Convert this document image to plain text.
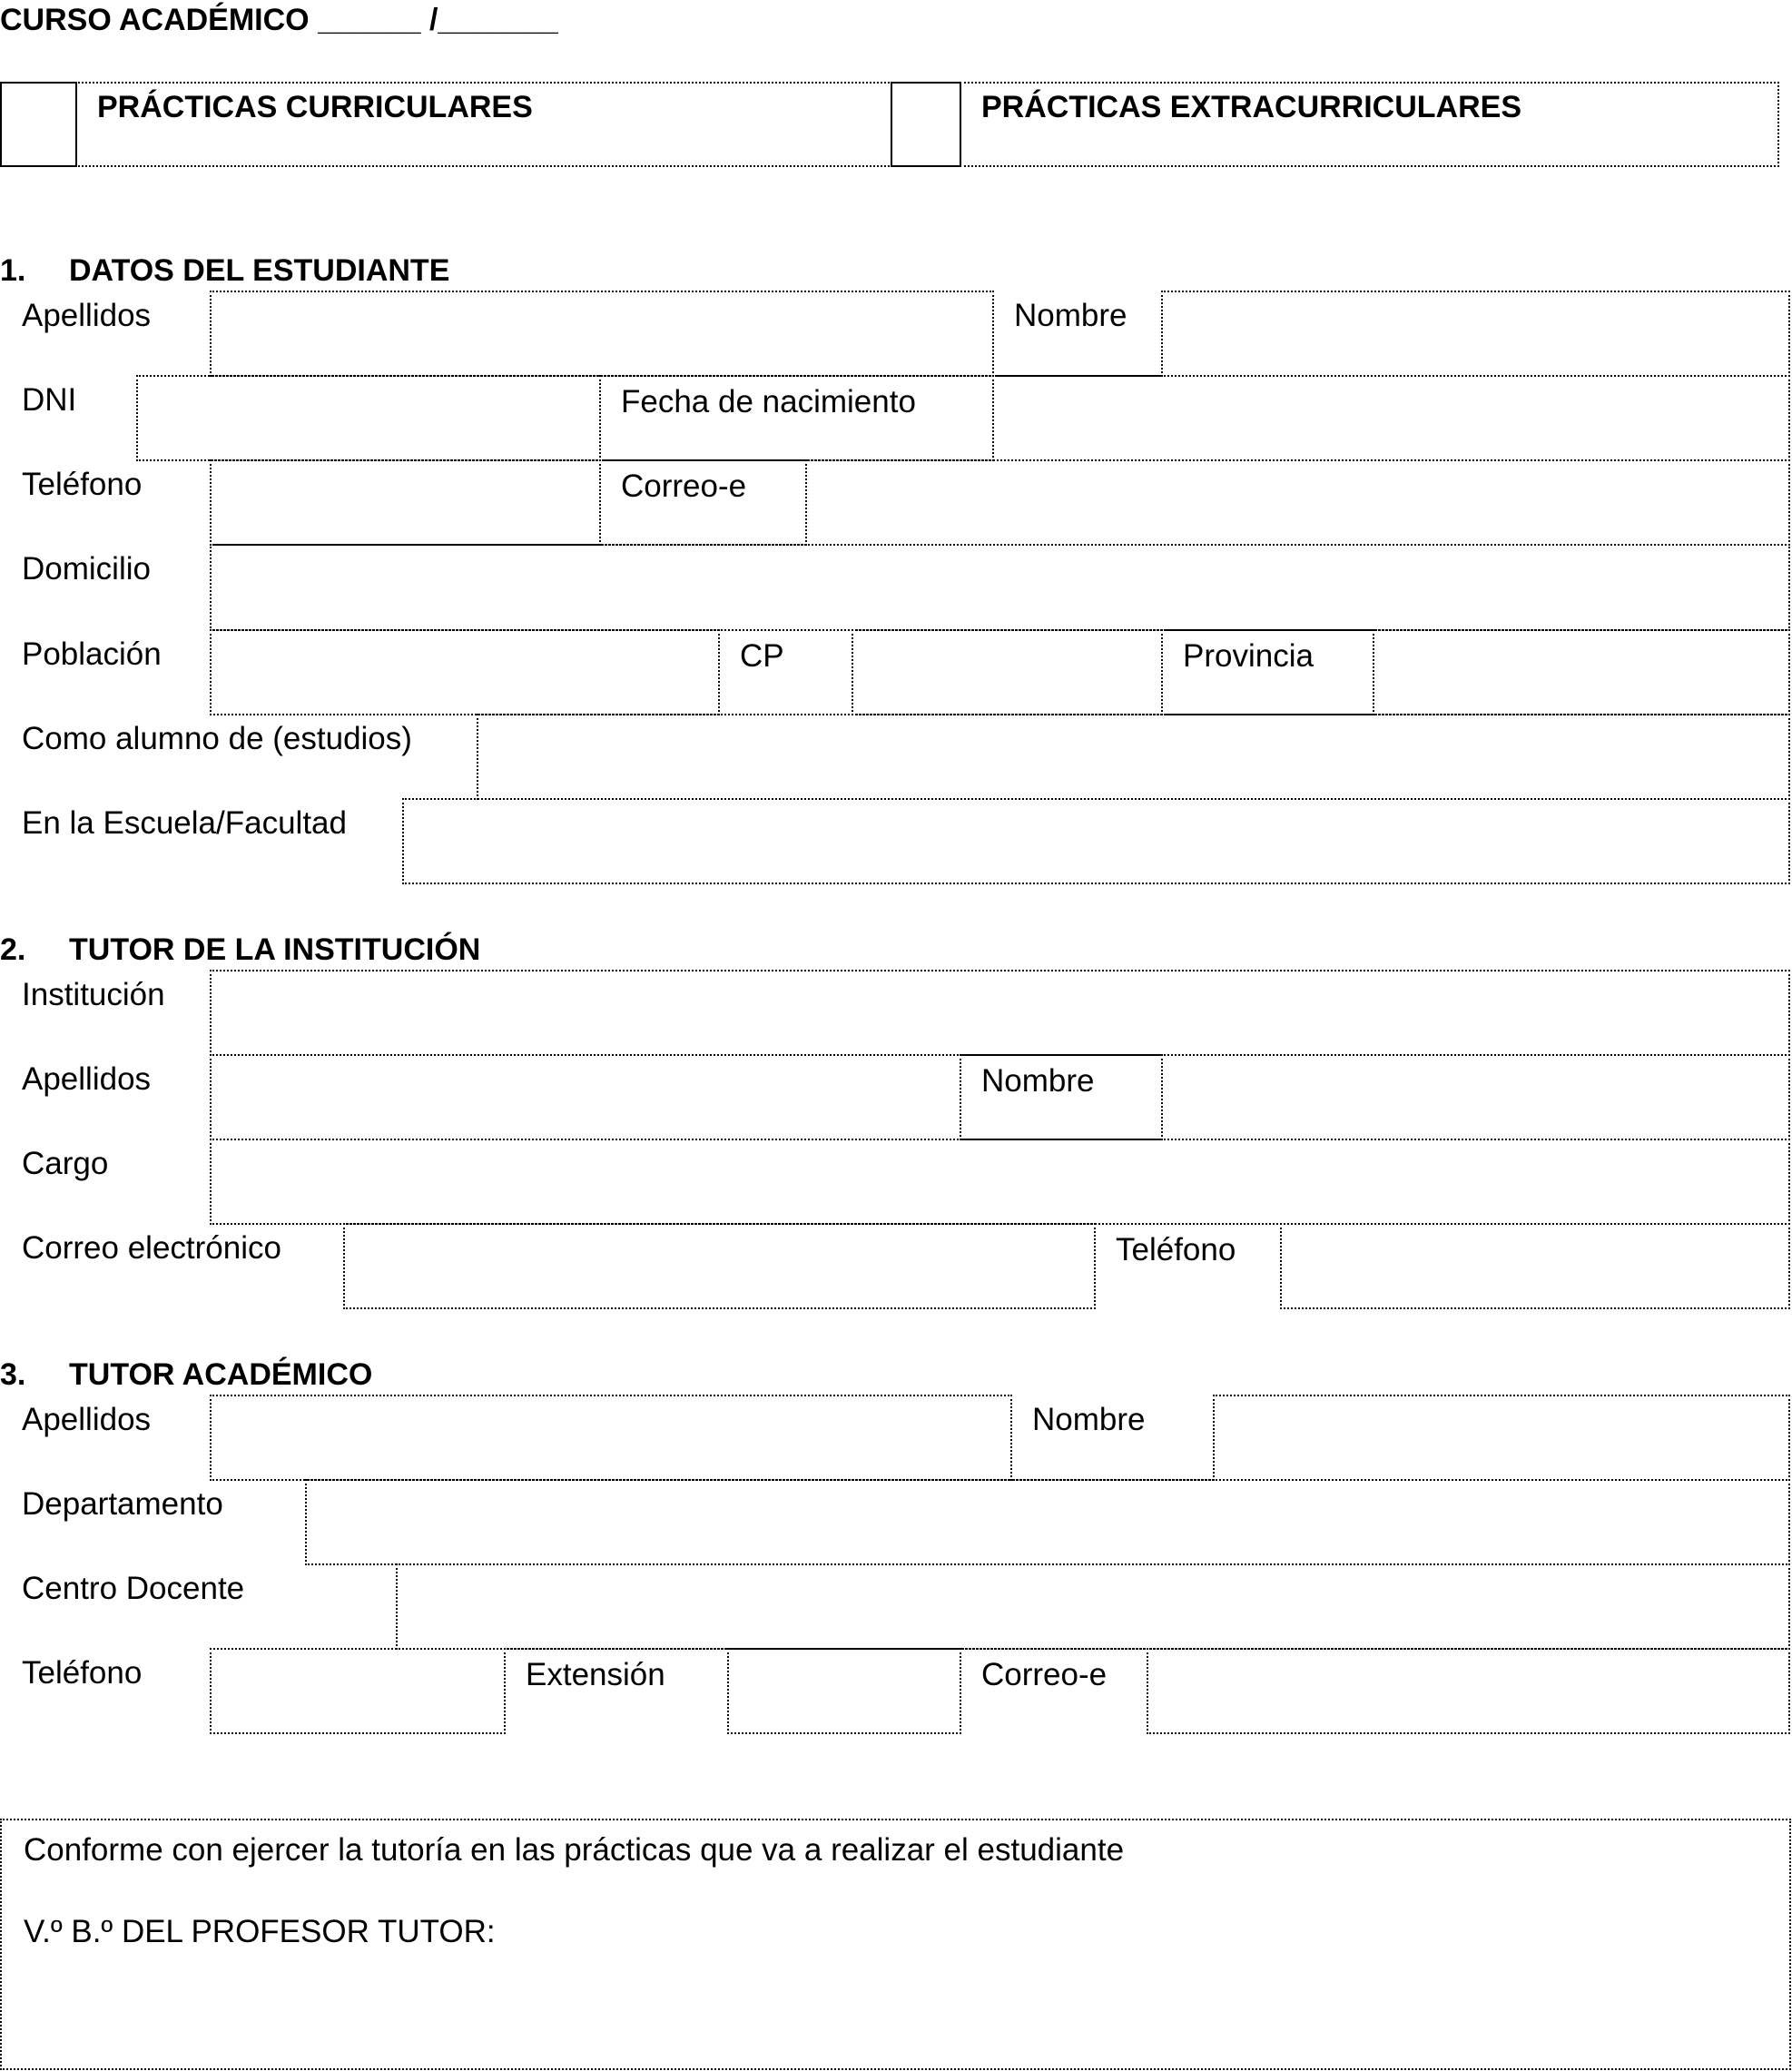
CURSO ACADÉMICO ______ /_______
PRÁCTICAS CURRICULARES	PRÁCTICAS EXTRACURRICULARES
1. DATOS DEL ESTUDIANTE
Apellidos	Nombre
DNI	Fecha de nacimiento
Teléfono	Correo-e
Domicilio
Población	CP	Provincia
Como alumno de (estudios)
En la Escuela/Facultad
2. TUTOR DE LA INSTITUCIÓN
Institución
Apellidos	Nombre
Cargo
Correo electrónico	Teléfono
3. TUTOR ACADÉMICO
Apellidos	Nombre
Departamento
Centro Docente
Teléfono	Extensión	Correo-e

Conforme con ejercer la tutoría en las prácticas que va a realizar el estudiante

V.º B.º DEL PROFESOR TUTOR:
